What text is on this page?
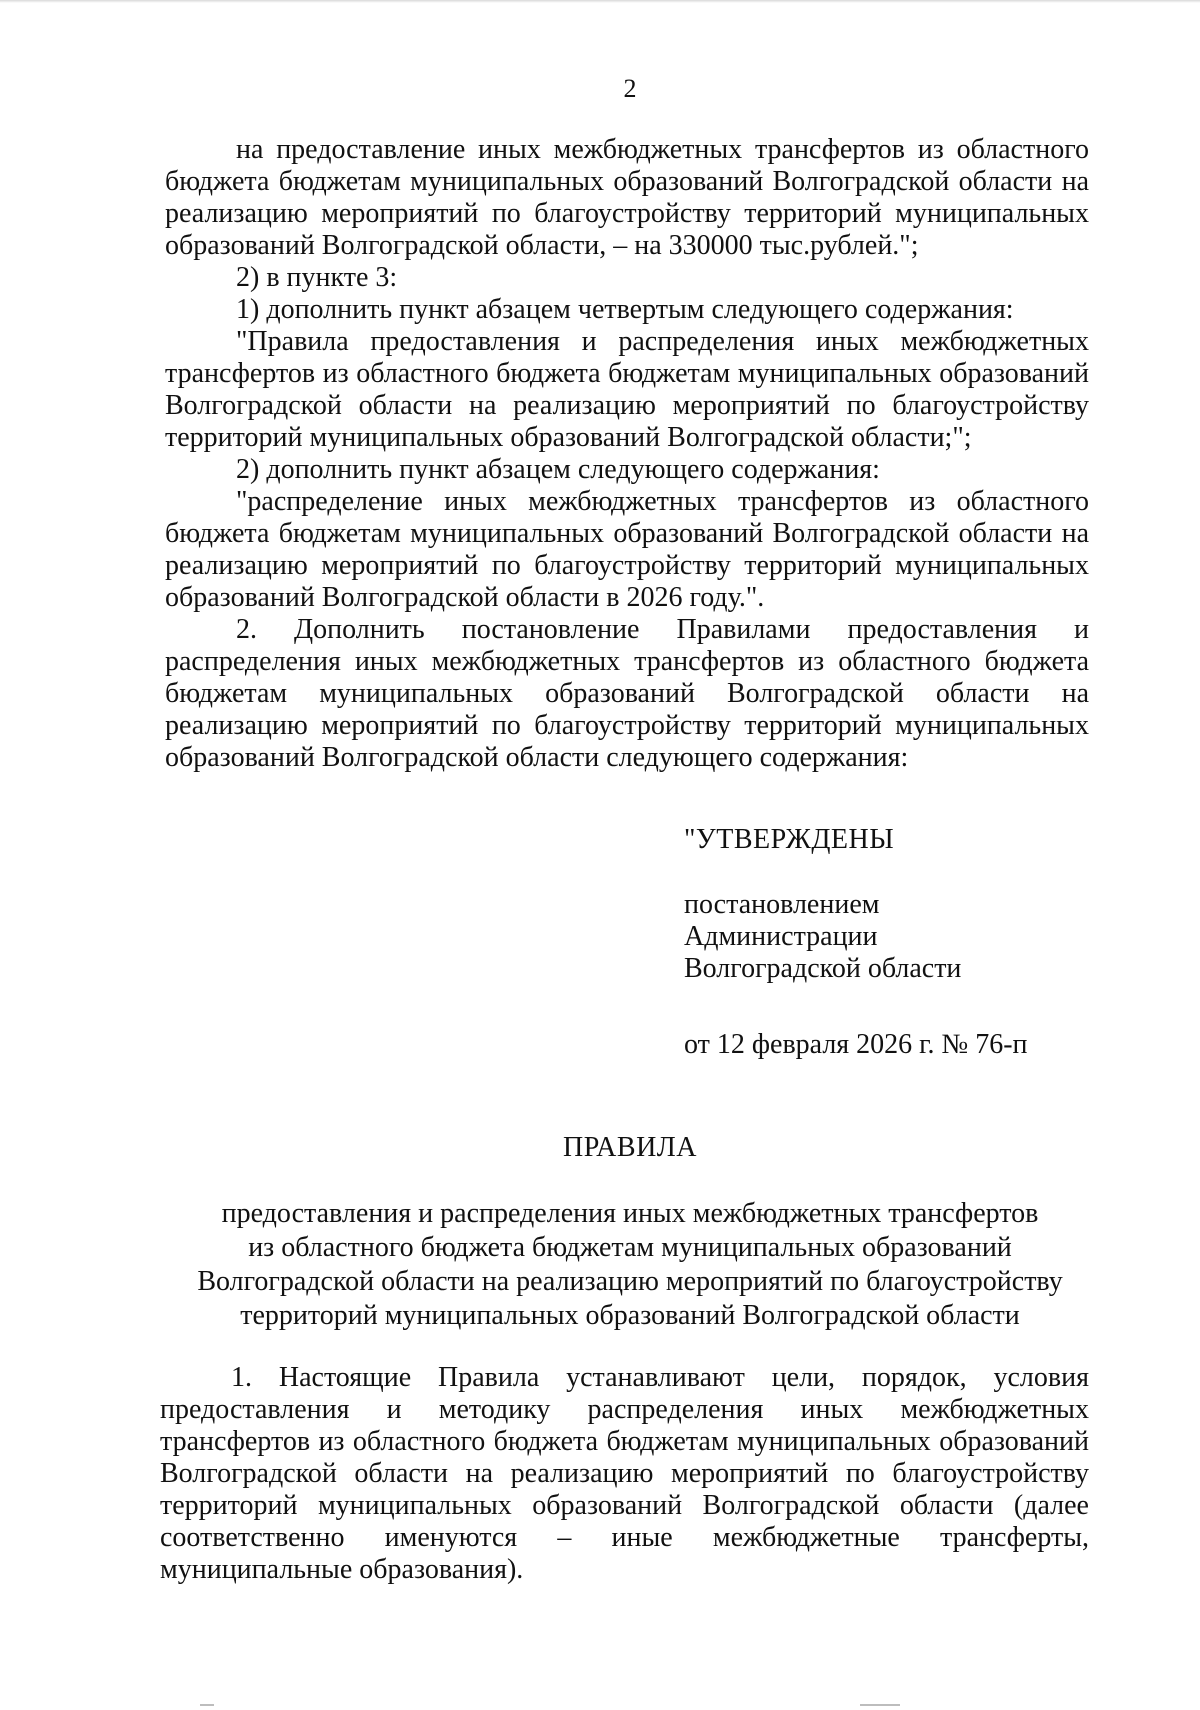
2

на предоставление иных межбюджетных трансфертов из областного бюджета бюджетам муниципальных образований Волгоградской области на реализацию мероприятий по благоустройству территорий муниципальных образований Волгоградской области, – на 330000 тыс.рублей.";

2) в пункте 3:

1) дополнить пункт абзацем четвертым следующего содержания:

"Правила предоставления и распределения иных межбюджетных трансфертов из областного бюджета бюджетам муниципальных образований Волгоградской области на реализацию мероприятий по благоустройству территорий муниципальных образований Волгоградской области;";

2) дополнить пункт абзацем следующего содержания:

"распределение иных межбюджетных трансфертов из областного бюджета бюджетам муниципальных образований Волгоградской области на реализацию мероприятий по благоустройству территорий муниципальных образований Волгоградской области в 2026 году.".

2. Дополнить постановление Правилами предоставления и распределения иных межбюджетных трансфертов из областного бюджета бюджетам муниципальных образований Волгоградской области на реализацию мероприятий по благоустройству территорий муниципальных образований Волгоградской области следующего содержания:

"УТВЕРЖДЕНЫ

постановлением

Администрации

Волгоградской области

от 12 февраля 2026 г. № 76-п

ПРАВИЛА
предоставления и распределения иных межбюджетных трансфертов
из областного бюджета бюджетам муниципальных образований
Волгоградской области на реализацию мероприятий по благоустройству
территорий муниципальных образований Волгоградской области

1. Настоящие Правила устанавливают цели, порядок, условия предоставления и методику распределения иных межбюджетных трансфертов из областного бюджета бюджетам муниципальных образований Волгоградской области на реализацию мероприятий по благоустройству территорий муниципальных образований Волгоградской области (далее соответственно именуются – иные межбюджетные трансферты, муниципальные образования).
